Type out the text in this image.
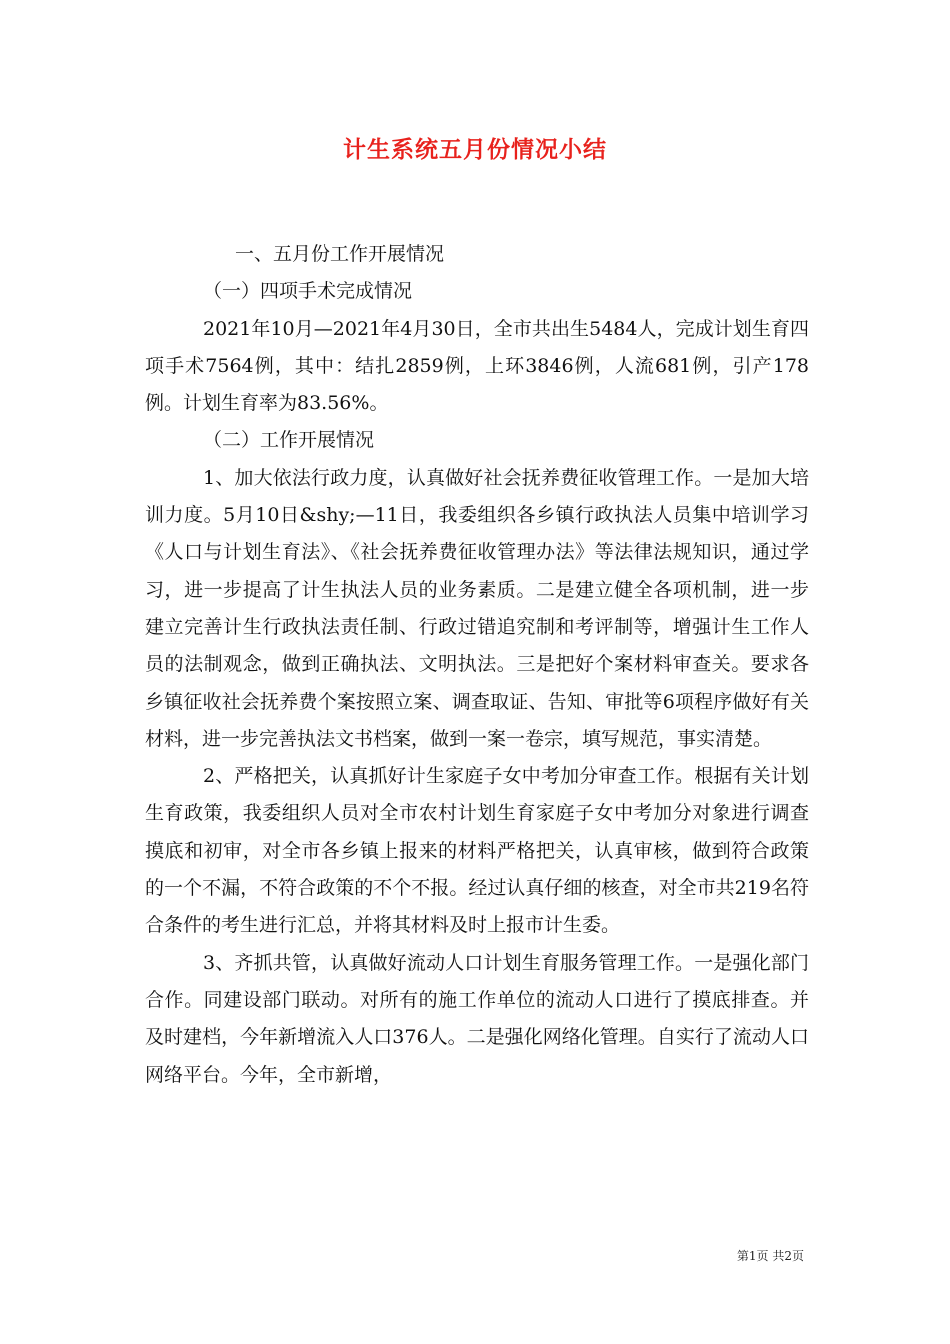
计生系统五月份情况小结

一、五月份工作开展情况

（一）四项手术完成情况

2021年10月—2021年4月30日，全市共出生5484人，完成计划生育四项手术7564例，其中：结扎2859例，上环3846例，人流681例，引产178例。计划生育率为83.56%。

（二）工作开展情况

1、加大依法行政力度，认真做好社会抚养费征收管理工作。一是加大培训力度。5月10日&shy;—11日，我委组织各乡镇行政执法人员集中培训学习《人口与计划生育法》、《社会抚养费征收管理办法》等法律法规知识，通过学习，进一步提高了计生执法人员的业务素质。二是建立健全各项机制，进一步建立完善计生行政执法责任制、行政过错追究制和考评制等，增强计生工作人员的法制观念，做到正确执法、文明执法。三是把好个案材料审查关。要求各乡镇征收社会抚养费个案按照立案、调查取证、告知、审批等6项程序做好有关材料，进一步完善执法文书档案，做到一案一卷宗，填写规范，事实清楚。

2、严格把关，认真抓好计生家庭子女中考加分审查工作。根据有关计划生育政策，我委组织人员对全市农村计划生育家庭子女中考加分对象进行调查摸底和初审，对全市各乡镇上报来的材料严格把关，认真审核，做到符合政策的一个不漏，不符合政策的不个不报。经过认真仔细的核查，对全市共219名符合条件的考生进行汇总，并将其材料及时上报市计生委。

3、齐抓共管，认真做好流动人口计划生育服务管理工作。一是强化部门合作。同建设部门联动。对所有的施工作单位的流动人口进行了摸底排查。并及时建档，今年新增流入人口376人。二是强化网络化管理。自实行了流动人口网络平台。今年，全市新增，

第1页 共2页
